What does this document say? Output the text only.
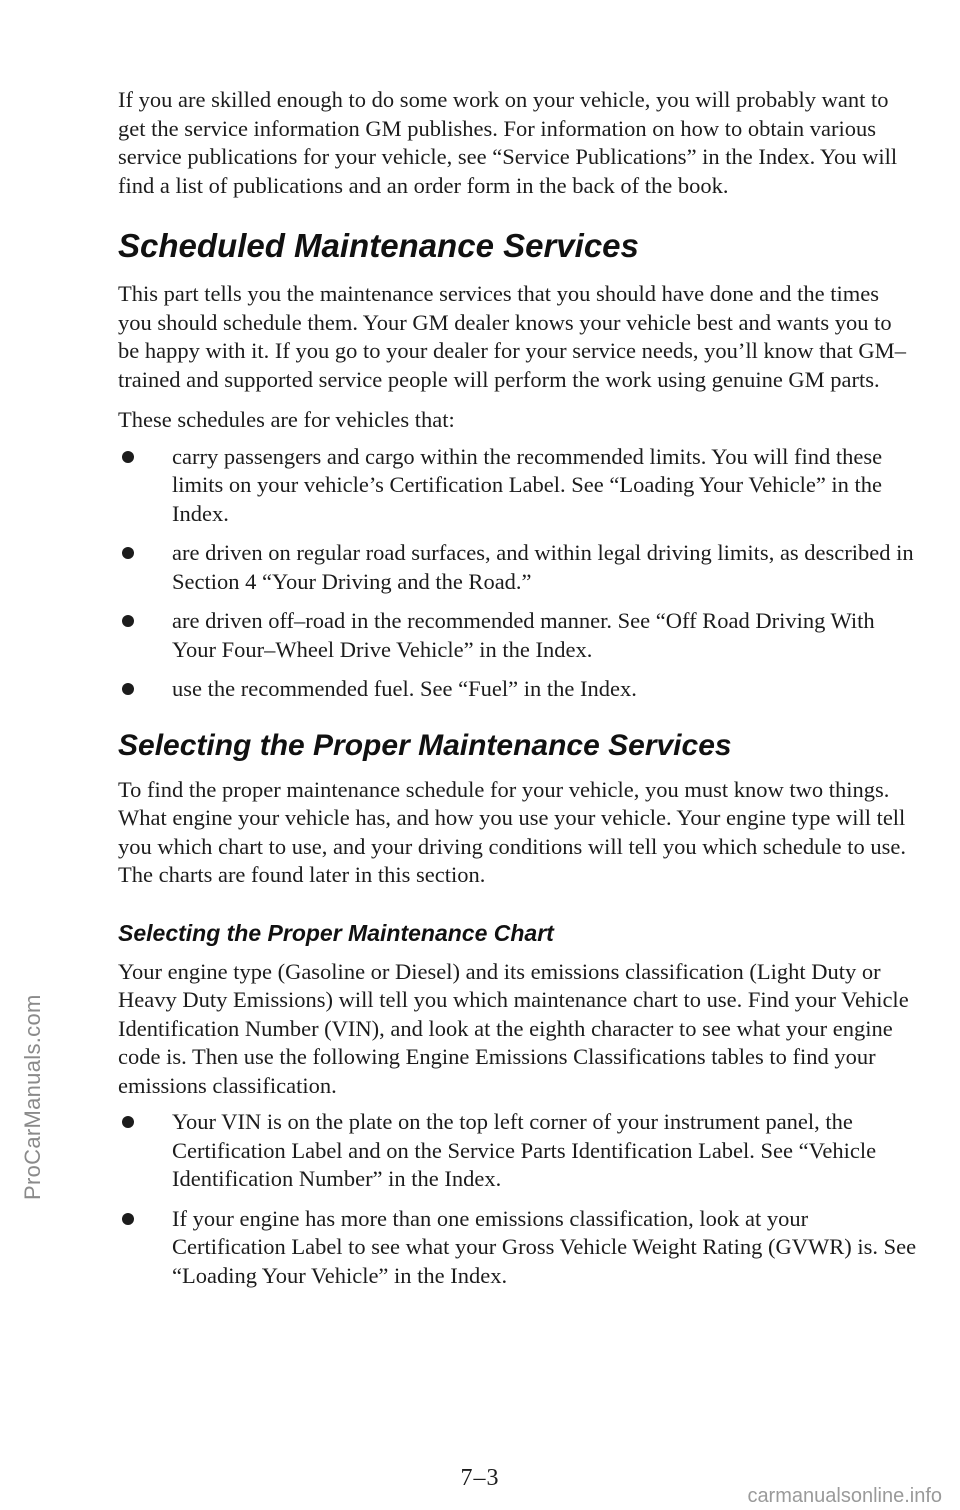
ProCarManuals.com

If you are skilled enough to do some work on your vehicle, you will probably want to get the service information GM publishes. For information on how to obtain various service publications for your vehicle, see “Service Publications” in the Index. You will find a list of publications and an order form in the back of the book.

Scheduled Maintenance Services

This part tells you the maintenance services that you should have done and the times you should schedule them. Your GM dealer knows your vehicle best and wants you to be happy with it. If you go to your dealer for your service needs, you’ll know that GM–trained and supported service people will perform the work using genuine GM parts.

These schedules are for vehicles that:

carry passengers and cargo within the recommended limits. You will find these limits on your vehicle’s Certification Label. See “Loading Your Vehicle” in the Index.
are driven on regular road surfaces, and within legal driving limits, as described in Section 4 “Your Driving and the Road.”
are driven off–road in the recommended manner. See “Off Road Driving With Your Four–Wheel Drive Vehicle” in the Index.
use the recommended fuel. See “Fuel” in the Index.
Selecting the Proper Maintenance Services

To find the proper maintenance schedule for your vehicle, you must know two things. What engine your vehicle has, and how you use your vehicle. Your engine type will tell you which chart to use, and your driving conditions will tell you which schedule to use. The charts are found later in this section.

Selecting the Proper Maintenance Chart

Your engine type (Gasoline or Diesel) and its emissions classification (Light Duty or Heavy Duty Emissions) will tell you which maintenance chart to use. Find your Vehicle Identification Number (VIN), and look at the eighth character to see what your engine code is. Then use the following Engine Emissions Classifications tables to find your emissions classification.

Your VIN is on the plate on the top left corner of your instrument panel, the Certification Label and on the Service Parts Identification Label. See “Vehicle Identification Number” in the Index.
If your engine has more than one emissions classification, look at your Certification Label to see what your Gross Vehicle Weight Rating (GVWR) is. See “Loading Your Vehicle” in the Index.
7–3
carmanualsonline.info
